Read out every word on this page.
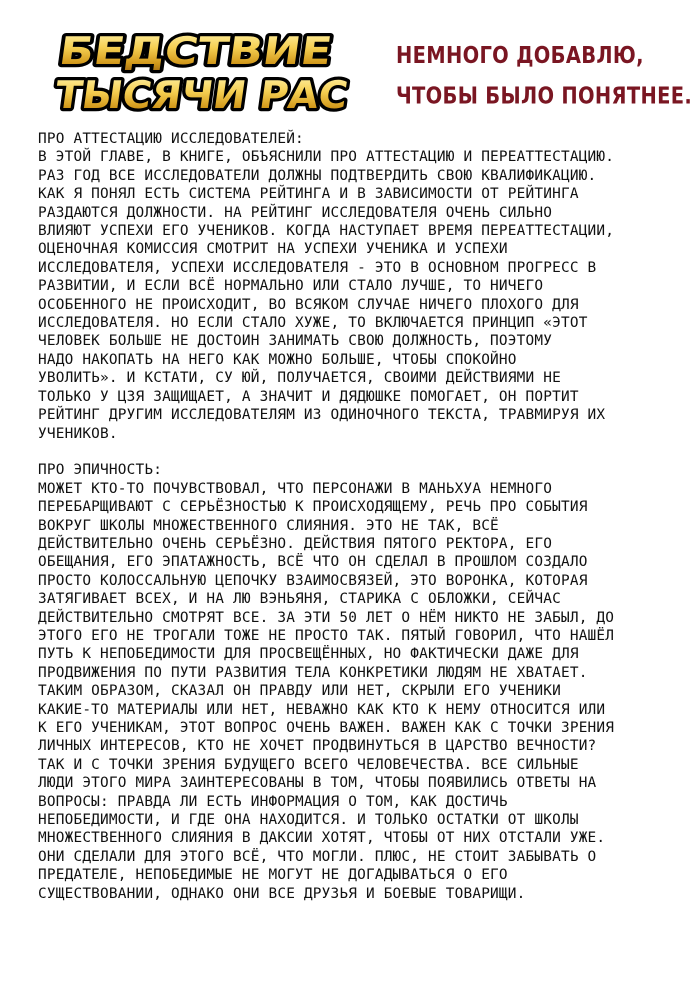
БЕДСТВИЕ
ТЫСЯЧИ РАС
НЕМНОГО ДОБАВЛЮ,
ЧТОБЫ БЫЛО ПОНЯТНЕЕ.
ПРО АТТЕСТАЦИЮ ИССЛЕДОВАТЕЛЕЙ:
В ЭТОЙ ГЛАВЕ, В КНИГЕ, ОБЪЯСНИЛИ ПРО АТТЕСТАЦИЮ И ПЕРЕАТТЕСТАЦИЮ.
РАЗ ГОД ВСЕ ИССЛЕДОВАТЕЛИ ДОЛЖНЫ ПОДТВЕРДИТЬ СВОЮ КВАЛИФИКАЦИЮ.
КАК Я ПОНЯЛ ЕСТЬ СИСТЕМА РЕЙТИНГА И В ЗАВИСИМОСТИ ОТ РЕЙТИНГА
РАЗДАЮТСЯ ДОЛЖНОСТИ. НА РЕЙТИНГ ИССЛЕДОВАТЕЛЯ ОЧЕНЬ СИЛЬНО
ВЛИЯЮТ УСПЕХИ ЕГО УЧЕНИКОВ. КОГДА НАСТУПАЕТ ВРЕМЯ ПЕРЕАТТЕСТАЦИИ,
ОЦЕНОЧНАЯ КОМИССИЯ СМОТРИТ НА УСПЕХИ УЧЕНИКА И УСПЕХИ
ИССЛЕДОВАТЕЛЯ, УСПЕХИ ИССЛЕДОВАТЕЛЯ - ЭТО В ОСНОВНОМ ПРОГРЕСС В
РАЗВИТИИ, И ЕСЛИ ВСЁ НОРМАЛЬНО ИЛИ СТАЛО ЛУЧШЕ, ТО НИЧЕГО
ОСОБЕННОГО НЕ ПРОИСХОДИТ, ВО ВСЯКОМ СЛУЧАЕ НИЧЕГО ПЛОХОГО ДЛЯ
ИССЛЕДОВАТЕЛЯ. НО ЕСЛИ СТАЛО ХУЖЕ, ТО ВКЛЮЧАЕТСЯ ПРИНЦИП «ЭТОТ
ЧЕЛОВЕК БОЛЬШЕ НЕ ДОСТОИН ЗАНИМАТЬ СВОЮ ДОЛЖНОСТЬ, ПОЭТОМУ
НАДО НАКОПАТЬ НА НЕГО КАК МОЖНО БОЛЬШЕ, ЧТОБЫ СПОКОЙНО
УВОЛИТЬ». И КСТАТИ, СУ ЮЙ, ПОЛУЧАЕТСЯ, СВОИМИ ДЕЙСТВИЯМИ НЕ
ТОЛЬКО У ЦЗЯ ЗАЩИЩАЕТ, А ЗНАЧИТ И ДЯДЮШКЕ ПОМОГАЕТ, ОН ПОРТИТ
РЕЙТИНГ ДРУГИМ ИССЛЕДОВАТЕЛЯМ ИЗ ОДИНОЧНОГО ТЕКСТА, ТРАВМИРУЯ ИХ
УЧЕНИКОВ.
ПРО ЭПИЧНОСТЬ:
МОЖЕТ КТО-ТО ПОЧУВСТВОВАЛ, ЧТО ПЕРСОНАЖИ В МАНЬХУА НЕМНОГО
ПЕРЕБАРЩИВАЮТ С СЕРЬЁЗНОСТЬЮ К ПРОИСХОДЯЩЕМУ, РЕЧЬ ПРО СОБЫТИЯ
ВОКРУГ ШКОЛЫ МНОЖЕСТВЕННОГО СЛИЯНИЯ. ЭТО НЕ ТАК, ВСЁ
ДЕЙСТВИТЕЛЬНО ОЧЕНЬ СЕРЬЁЗНО. ДЕЙСТВИЯ ПЯТОГО РЕКТОРА, ЕГО
ОБЕЩАНИЯ, ЕГО ЭПАТАЖНОСТЬ, ВСЁ ЧТО ОН СДЕЛАЛ В ПРОШЛОМ СОЗДАЛО
ПРОСТО КОЛОССАЛЬНУЮ ЦЕПОЧКУ ВЗАИМОСВЯЗЕЙ, ЭТО ВОРОНКА, КОТОРАЯ
ЗАТЯГИВАЕТ ВСЕХ, И НА ЛЮ ВЭНЬЯНЯ, СТАРИКА С ОБЛОЖКИ, СЕЙЧАС
ДЕЙСТВИТЕЛЬНО СМОТРЯТ ВСЕ. ЗА ЭТИ 50 ЛЕТ О НЁМ НИКТО НЕ ЗАБЫЛ, ДО
ЭТОГО ЕГО НЕ ТРОГАЛИ ТОЖЕ НЕ ПРОСТО ТАК. ПЯТЫЙ ГОВОРИЛ, ЧТО НАШЁЛ
ПУТЬ К НЕПОБЕДИМОСТИ ДЛЯ ПРОСВЕЩЁННЫХ, НО ФАКТИЧЕСКИ ДАЖЕ ДЛЯ
ПРОДВИЖЕНИЯ ПО ПУТИ РАЗВИТИЯ ТЕЛА КОНКРЕТИКИ ЛЮДЯМ НЕ ХВАТАЕТ.
ТАКИМ ОБРАЗОМ, СКАЗАЛ ОН ПРАВДУ ИЛИ НЕТ, СКРЫЛИ ЕГО УЧЕНИКИ
КАКИЕ-ТО МАТЕРИАЛЫ ИЛИ НЕТ, НЕВАЖНО КАК КТО К НЕМУ ОТНОСИТСЯ ИЛИ
К ЕГО УЧЕНИКАМ, ЭТОТ ВОПРОС ОЧЕНЬ ВАЖЕН. ВАЖЕН КАК С ТОЧКИ ЗРЕНИЯ
ЛИЧНЫХ ИНТЕРЕСОВ, КТО НЕ ХОЧЕТ ПРОДВИНУТЬСЯ В ЦАРСТВО ВЕЧНОСТИ?
ТАК И С ТОЧКИ ЗРЕНИЯ БУДУЩЕГО ВСЕГО ЧЕЛОВЕЧЕСТВА. ВСЕ СИЛЬНЫЕ
ЛЮДИ ЭТОГО МИРА ЗАИНТЕРЕСОВАНЫ В ТОМ, ЧТОБЫ ПОЯВИЛИСЬ ОТВЕТЫ НА
ВОПРОСЫ: ПРАВДА ЛИ ЕСТЬ ИНФОРМАЦИЯ О ТОМ, КАК ДОСТИЧЬ
НЕПОБЕДИМОСТИ, И ГДЕ ОНА НАХОДИТСЯ. И ТОЛЬКО ОСТАТКИ ОТ ШКОЛЫ
МНОЖЕСТВЕННОГО СЛИЯНИЯ В ДАКСИИ ХОТЯТ, ЧТОБЫ ОТ НИХ ОТСТАЛИ УЖЕ.
ОНИ СДЕЛАЛИ ДЛЯ ЭТОГО ВСЁ, ЧТО МОГЛИ. ПЛЮС, НЕ СТОИТ ЗАБЫВАТЬ О
ПРЕДАТЕЛЕ, НЕПОБЕДИМЫЕ НЕ МОГУТ НЕ ДОГАДЫВАТЬСЯ О ЕГО
СУЩЕСТВОВАНИИ, ОДНАКО ОНИ ВСЕ ДРУЗЬЯ И БОЕВЫЕ ТОВАРИЩИ.
